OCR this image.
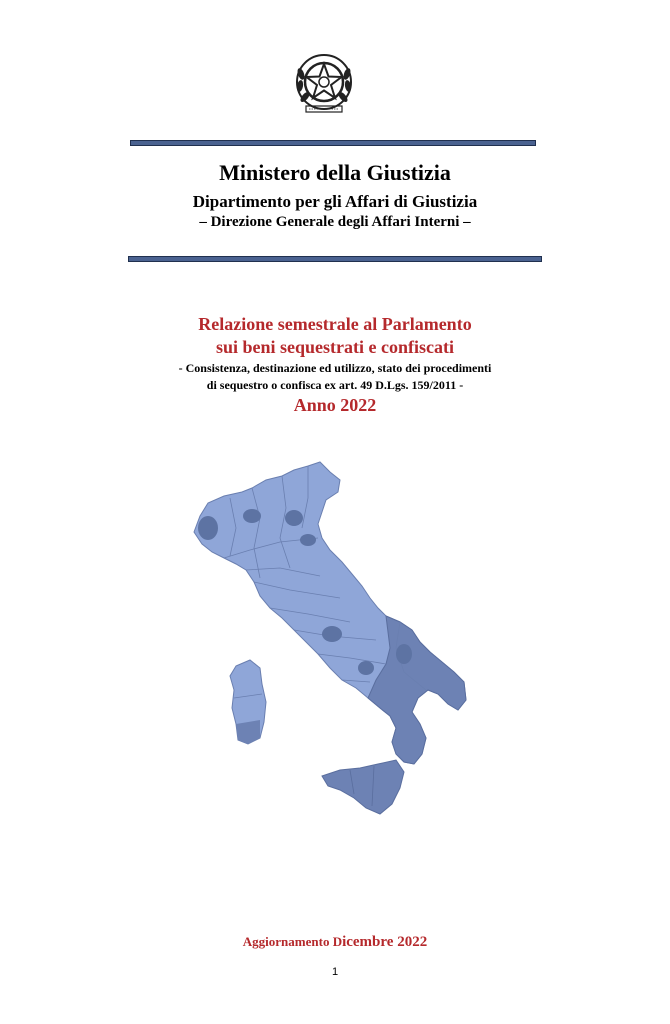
Ministero della Giustizia
Dipartimento per gli Affari di Giustizia
– Direzione Generale degli Affari Interni –
Relazione semestrale al Parlamento
sui beni sequestrati e confiscati
- Consistenza, destinazione ed utilizzo, stato dei procedimenti
di sequestro o confisca ex art. 49 D.Lgs. 159/2011 -
Anno 2022
Aggiornamento Dicembre 2022
1
